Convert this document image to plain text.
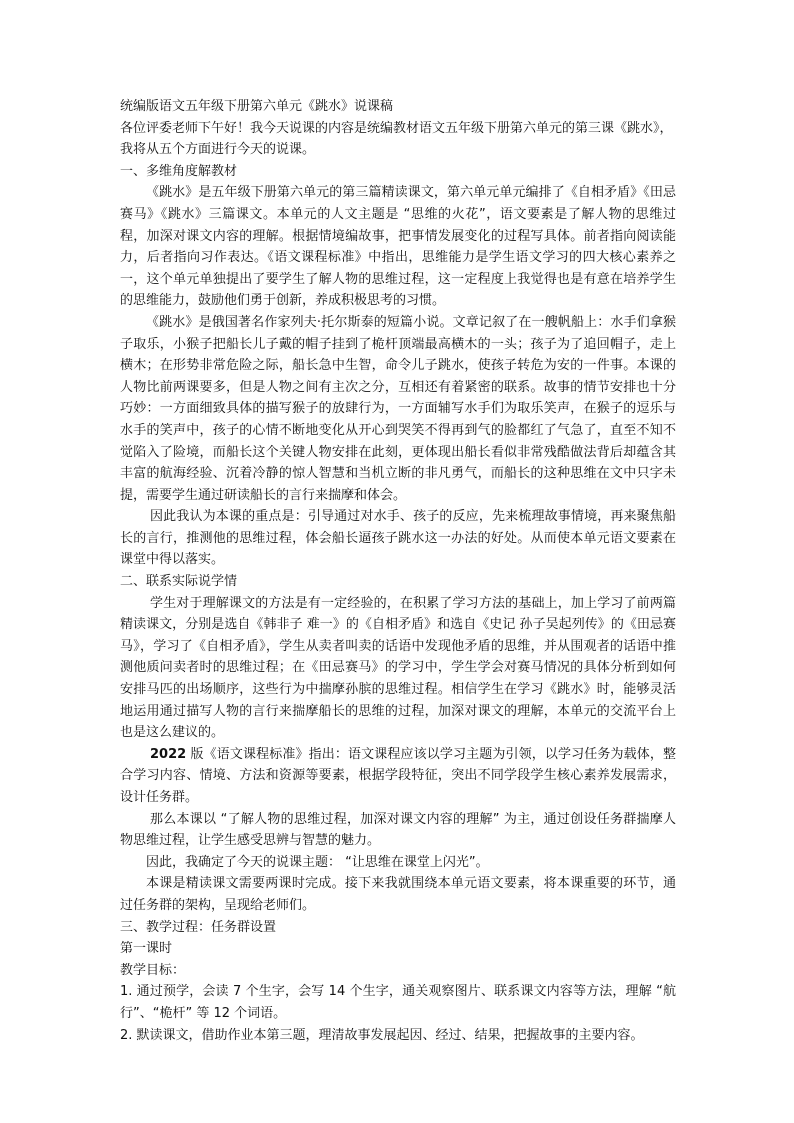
统编版语文五年级下册第六单元《跳水》说课稿

各位评委老师下午好！我今天说课的内容是统编教材语文五年级下册第六单元的第三课《跳水》，我将从五个方面进行今天的说课。

一、多维角度解教材

《跳水》是五年级下册第六单元的第三篇精读课文，第六单元单元编排了《自相矛盾》《田忌赛马》《跳水》三篇课文。本单元的人文主题是 “思维的火花”，语文要素是了解人物的思维过程，加深对课文内容的理解。根据情境编故事，把事情发展变化的过程写具体。前者指向阅读能力，后者指向习作表达。《语文课程标准》中指出，思维能力是学生语文学习的四大核心素养之一，这个单元单独提出了要学生了解人物的思维过程，这一定程度上我觉得也是有意在培养学生的思维能力，鼓励他们勇于创新，养成积极思考的习惯。

《跳水》是俄国著名作家列夫·托尔斯泰的短篇小说。文章记叙了在一艘帆船上：水手们拿猴子取乐，小猴子把船长儿子戴的帽子挂到了桅杆顶端最高横木的一头；孩子为了追回帽子，走上横木；在形势非常危险之际，船长急中生智，命令儿子跳水，使孩子转危为安的一件事。本课的人物比前两课要多，但是人物之间有主次之分，互相还有着紧密的联系。故事的情节安排也十分巧妙：一方面细致具体的描写猴子的放肆行为，一方面辅写水手们为取乐笑声，在猴子的逗乐与水手的笑声中，孩子的心情不断地变化从开心到哭笑不得再到气的脸都红了气急了，直至不知不觉陷入了险境，而船长这个关键人物安排在此刻，更体现出船长看似非常残酷做法背后却蕴含其丰富的航海经验、沉着冷静的惊人智慧和当机立断的非凡勇气，而船长的这种思维在文中只字未提，需要学生通过研读船长的言行来揣摩和体会。

因此我认为本课的重点是：引导通过对水手、孩子的反应，先来梳理故事情境，再来聚焦船长的言行，推测他的思维过程，体会船长逼孩子跳水这一办法的好处。从而使本单元语文要素在课堂中得以落实。

二、联系实际说学情

学生对于理解课文的方法是有一定经验的，在积累了学习方法的基础上，加上学习了前两篇精读课文，分别是选自《韩非子 难一》的《自相矛盾》和选自《史记 孙子吴起列传》的《田忌赛马》，学习了《自相矛盾》，学生从卖者叫卖的话语中发现他矛盾的思维，并从围观者的话语中推测他质问卖者时的思维过程；在《田忌赛马》的学习中，学生学会对赛马情况的具体分析到如何安排马匹的出场顺序，这些行为中揣摩孙膑的思维过程。相信学生在学习《跳水》时，能够灵活地运用通过描写人物的言行来揣摩船长的思维的过程，加深对课文的理解，本单元的交流平台上也是这么建议的。

2022 版《语文课程标准》指出：语文课程应该以学习主题为引领，以学习任务为载体，整合学习内容、情境、方法和资源等要素，根据学段特征，突出不同学段学生核心素养发展需求，设计任务群。

那么本课以 “了解人物的思维过程，加深对课文内容的理解” 为主，通过创设任务群揣摩人物思维过程，让学生感受思辨与智慧的魅力。

因此，我确定了今天的说课主题： “让思维在课堂上闪光”。

本课是精读课文需要两课时完成。接下来我就围绕本单元语文要素，将本课重要的环节，通过任务群的架构，呈现给老师们。

三、教学过程：任务群设置

第一课时

教学目标：

1. 通过预学，会读 7 个生字，会写 14 个生字，通关观察图片、联系课文内容等方法，理解 “航行”、“桅杆” 等 12 个词语。

2. 默读课文，借助作业本第三题，理清故事发展起因、经过、结果，把握故事的主要内容。
